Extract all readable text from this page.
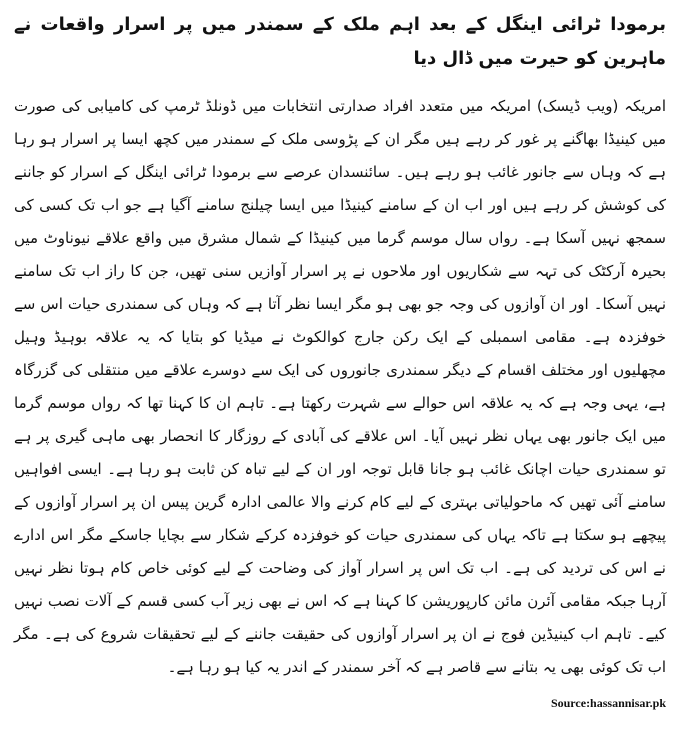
برمودا ٹرائی اینگل کے بعد اہم ملک کے سمندر میں پر اسرار واقعات نے ماہرین کو حیرت میں ڈال دیا

امریکہ (ویب ڈیسک) امریکہ میں متعدد افراد صدارتی انتخابات میں ڈونلڈ ٹرمپ کی کامیابی کی صورت میں کینیڈا بھاگنے پر غور کر رہے ہیں مگر ان کے پڑوسی ملک کے سمندر میں کچھ ایسا پر اسرار ہو رہا ہے کہ وہاں سے جانور غائب ہو رہے ہیں۔ سائنسدان عرصے سے برمودا ٹرائی اینگل کے اسرار کو جاننے کی کوشش کر رہے ہیں اور اب ان کے سامنے کینیڈا میں ایسا چیلنج سامنے آگیا ہے جو اب تک کسی کی سمجھ نہیں آسکا ہے۔ رواں سال موسم گرما میں کینیڈا کے شمال مشرق میں واقع علاقے نیوناوٹ میں بحیرہ آرکٹک کی تہہ سے شکاریوں اور ملاحوں نے پر اسرار آوازیں سنی تھیں، جن کا راز اب تک سامنے نہیں آسکا۔ اور ان آوازوں کی وجہ جو بھی ہو مگر ایسا نظر آتا ہے کہ وہاں کی سمندری حیات اس سے خوفزدہ ہے۔ مقامی اسمبلی کے ایک رکن جارج کوالکوٹ نے میڈیا کو بتایا کہ یہ علاقہ بوہیڈ وہیل مچھلیوں اور مختلف اقسام کے دیگر سمندری جانوروں کی ایک سے دوسرے علاقے میں منتقلی کی گزرگاہ ہے، یہی وجہ ہے کہ یہ علاقہ اس حوالے سے شہرت رکھتا ہے۔ تاہم ان کا کہنا تھا کہ رواں موسم گرما میں ایک جانور بھی یہاں نظر نہیں آیا۔ اس علاقے کی آبادی کے روزگار کا انحصار بھی ماہی گیری پر ہے تو سمندری حیات اچانک غائب ہو جانا قابل توجہ اور ان کے لیے تباہ کن ثابت ہو رہا ہے۔ ایسی افواہیں سامنے آئی تھیں کہ ماحولیاتی بہتری کے لیے کام کرنے والا عالمی ادارہ گرین پیس ان پر اسرار آوازوں کے پیچھے ہو سکتا ہے تاکہ یہاں کی سمندری حیات کو خوفزدہ کرکے شکار سے بچایا جاسکے مگر اس ادارے نے اس کی تردید کی ہے۔ اب تک اس پر اسرار آواز کی وضاحت کے لیے کوئی خاص کام ہوتا نظر نہیں آرہا جبکہ مقامی آئرن مائن کارپوریشن کا کہنا ہے کہ اس نے بھی زیر آب کسی قسم کے آلات نصب نہیں کیے۔ تاہم اب کینیڈین فوج نے ان پر اسرار آوازوں کی حقیقت جاننے کے لیے تحقیقات شروع کی ہے۔ مگر اب تک کوئی بھی یہ بتانے سے قاصر ہے کہ آخر سمندر کے اندر یہ کیا ہو رہا ہے۔

Source:hassannisar.pk
